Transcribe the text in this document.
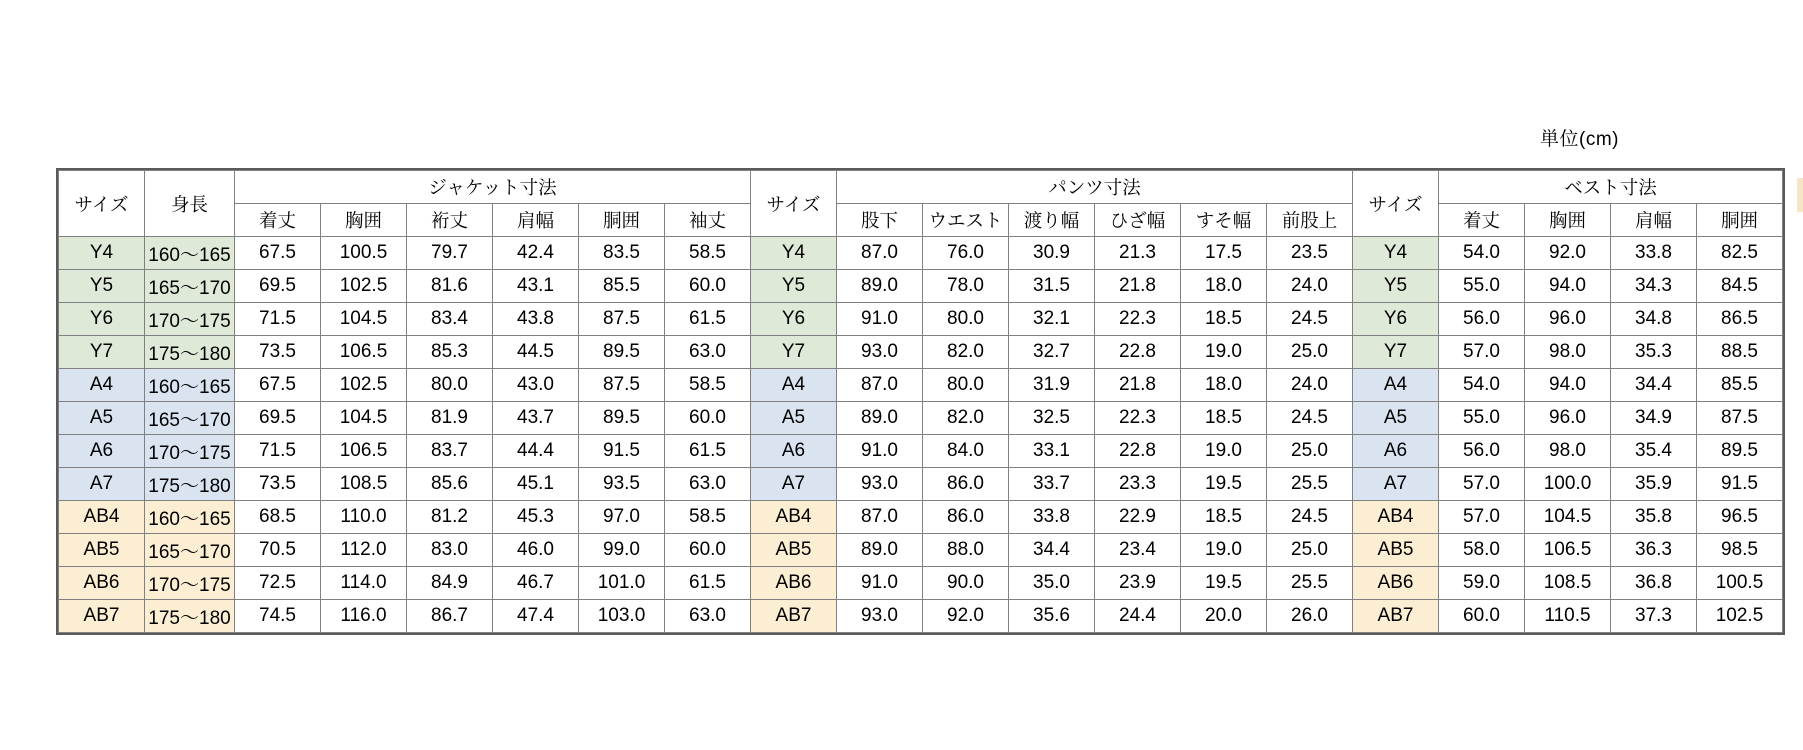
単位(cm)
サイズ	身長	ジャケット寸法						サイズ	パンツ寸法						サイズ	ベスト寸法			
		着丈	胸囲	裄丈	肩幅	胴囲	袖丈		股下	ウエスト	渡り幅	ひざ幅	すそ幅	前股上		着丈	胸囲	肩幅	胴囲
Y4	160～165	67.5	100.5	79.7	42.4	83.5	58.5	Y4	87.0	76.0	30.9	21.3	17.5	23.5	Y4	54.0	92.0	33.8	82.5
Y5	165～170	69.5	102.5	81.6	43.1	85.5	60.0	Y5	89.0	78.0	31.5	21.8	18.0	24.0	Y5	55.0	94.0	34.3	84.5
Y6	170～175	71.5	104.5	83.4	43.8	87.5	61.5	Y6	91.0	80.0	32.1	22.3	18.5	24.5	Y6	56.0	96.0	34.8	86.5
Y7	175～180	73.5	106.5	85.3	44.5	89.5	63.0	Y7	93.0	82.0	32.7	22.8	19.0	25.0	Y7	57.0	98.0	35.3	88.5
A4	160～165	67.5	102.5	80.0	43.0	87.5	58.5	A4	87.0	80.0	31.9	21.8	18.0	24.0	A4	54.0	94.0	34.4	85.5
A5	165～170	69.5	104.5	81.9	43.7	89.5	60.0	A5	89.0	82.0	32.5	22.3	18.5	24.5	A5	55.0	96.0	34.9	87.5
A6	170～175	71.5	106.5	83.7	44.4	91.5	61.5	A6	91.0	84.0	33.1	22.8	19.0	25.0	A6	56.0	98.0	35.4	89.5
A7	175～180	73.5	108.5	85.6	45.1	93.5	63.0	A7	93.0	86.0	33.7	23.3	19.5	25.5	A7	57.0	100.0	35.9	91.5
AB4	160～165	68.5	110.0	81.2	45.3	97.0	58.5	AB4	87.0	86.0	33.8	22.9	18.5	24.5	AB4	57.0	104.5	35.8	96.5
AB5	165～170	70.5	112.0	83.0	46.0	99.0	60.0	AB5	89.0	88.0	34.4	23.4	19.0	25.0	AB5	58.0	106.5	36.3	98.5
AB6	170～175	72.5	114.0	84.9	46.7	101.0	61.5	AB6	91.0	90.0	35.0	23.9	19.5	25.5	AB6	59.0	108.5	36.8	100.5
AB7	175～180	74.5	116.0	86.7	47.4	103.0	63.0	AB7	93.0	92.0	35.6	24.4	20.0	26.0	AB7	60.0	110.5	37.3	102.5
